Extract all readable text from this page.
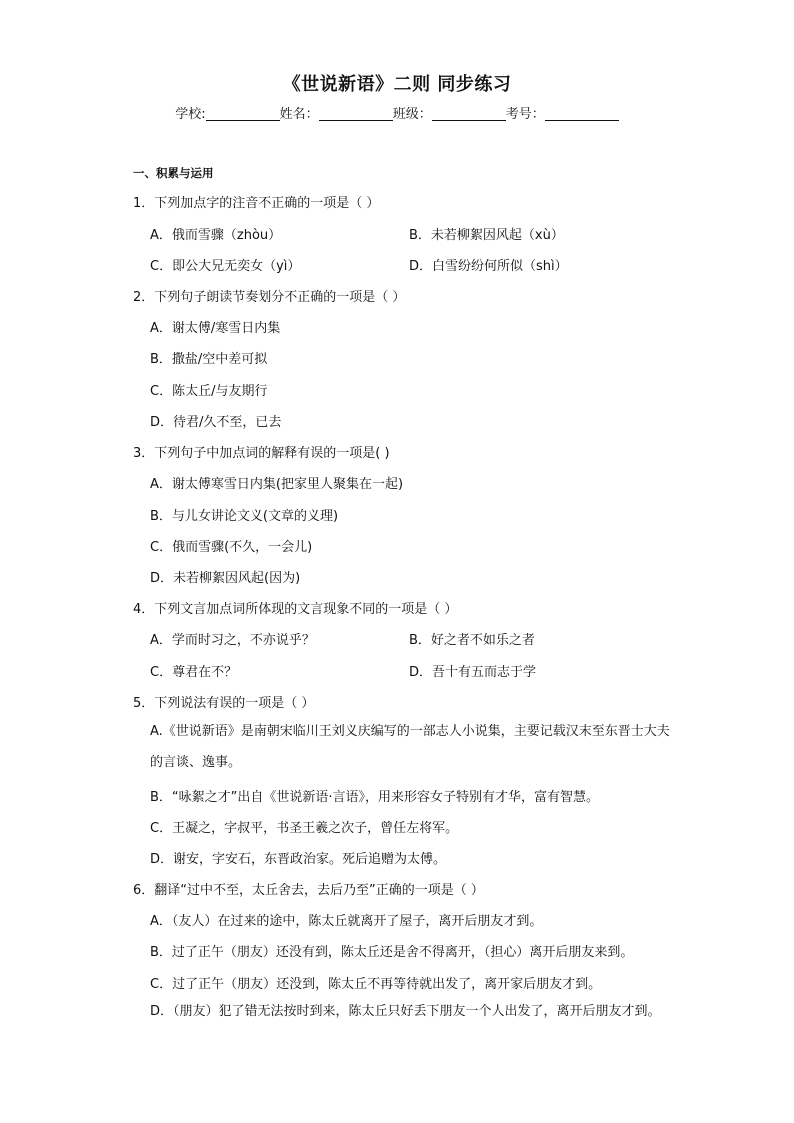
《世说新语》二则 同步练习
学校:	姓名：	班级：	考号：
一、积累与运用
1．下列加点字的注音不正确的一项是（ ）
A．俄而雪骤（zhòu）	B．未若柳絮因风起（xù）
C．即公大兄无奕女（yì）	D．白雪纷纷何所似（shì）
2．下列句子朗读节奏划分不正确的一项是（ ）
A．谢太傅/寒雪日内集
B．撒盐/空中差可拟
C．陈太丘/与友期行
D．待君/久不至，已去
3．下列句子中加点词的解释有误的一项是( )
A．谢太傅寒雪日内集(把家里人聚集在一起)
B．与儿女讲论文义(文章的义理)
C．俄而雪骤(不久，一会儿)
D．未若柳絮因风起(因为)
4．下列文言加点词所体现的文言现象不同的一项是（ ）
A．学而时习之，不亦说乎？	B．好之者不如乐之者
C．尊君在不？	D．吾十有五而志于学
5．下列说法有误的一项是（ ）
A.《世说新语》是南朝宋临川王刘义庆编写的一部志人小说集，主要记载汉末至东晋士大夫的言谈、逸事。
B．“咏絮之才”出自《世说新语·言语》，用来形容女子特别有才华，富有智慧。
C．王凝之，字叔平，书圣王羲之次子，曾任左将军。
D．谢安，字安石，东晋政治家。死后追赠为太傅。
6．翻译“过中不至，太丘舍去，去后乃至”正确的一项是（ ）
A．（友人）在过来的途中，陈太丘就离开了屋子，离开后朋友才到。
B．过了正午（朋友）还没有到，陈太丘还是舍不得离开，（担心）离开后朋友来到。
C．过了正午（朋友）还没到，陈太丘不再等待就出发了，离开家后朋友才到。
D．（朋友）犯了错无法按时到来，陈太丘只好丢下朋友一个人出发了，离开后朋友才到。
